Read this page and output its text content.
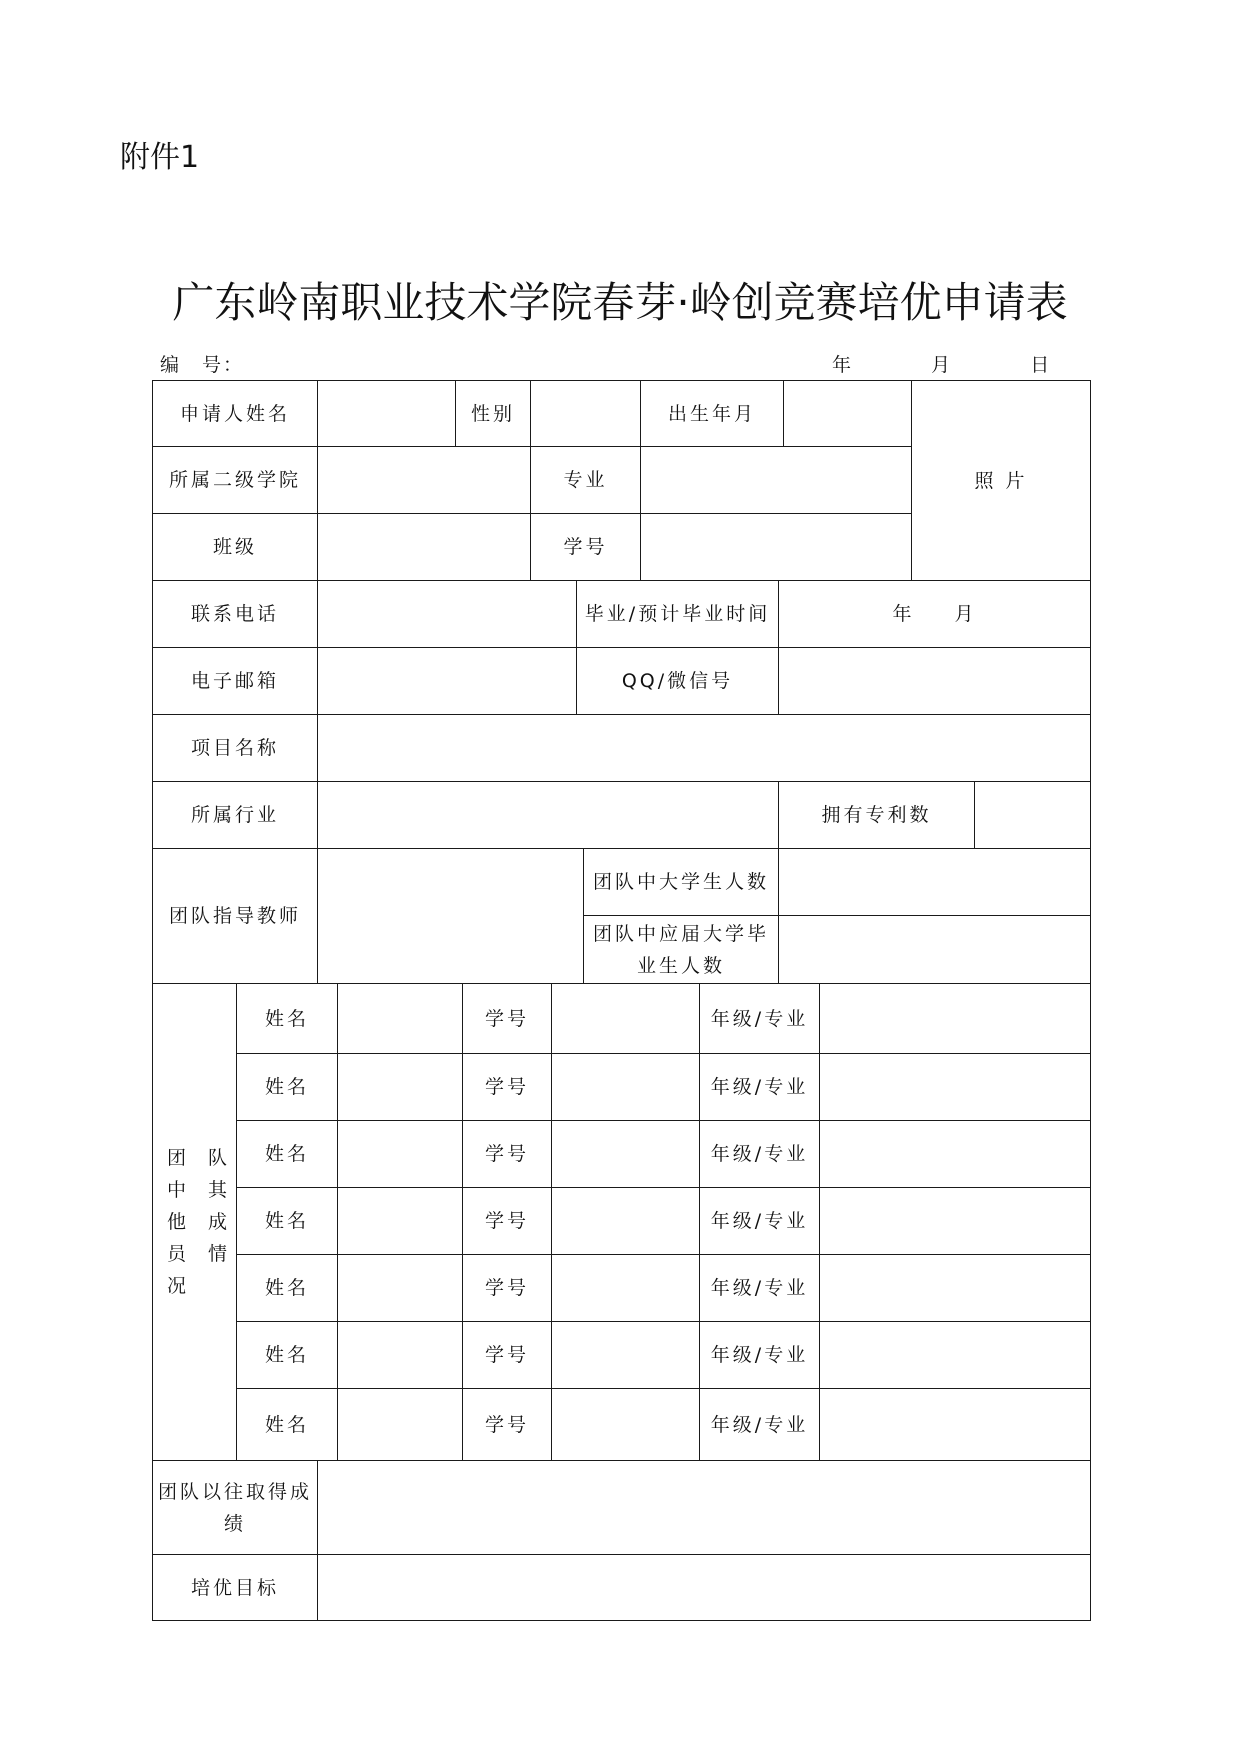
附件1
广东岭南职业技术学院春芽·岭创竞赛培优申请表
编　号：	年	月	日
申请人姓名	性别	出生年月
照 片
所属二级学院	专业
班级	学号
联系电话	毕业/预计毕业时间	年 月
电子邮箱	QQ/微信号
项目名称
所属行业	拥有专利数
团队指导教师
团队中大学生人数
团队中应届大学毕业生人数
团队
中其
他成
员情
况
姓名	学号	年级/专业
姓名	学号	年级/专业
姓名	学号	年级/专业
姓名	学号	年级/专业
姓名	学号	年级/专业
姓名	学号	年级/专业
姓名	学号	年级/专业
团队以往取得成绩
培优目标
